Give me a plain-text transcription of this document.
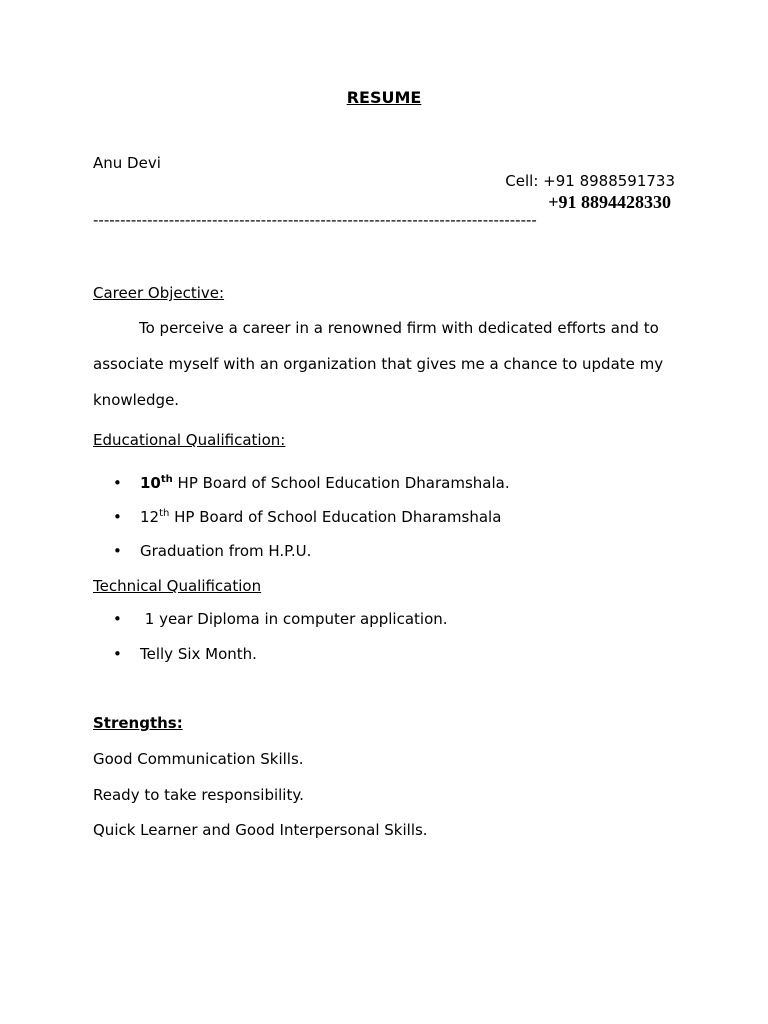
RESUME
Anu Devi
Cell: +91 8988591733
+91 8894428330
----------------------------------------------------------------------------------
Career Objective:
To perceive a career in a renowned firm with dedicated efforts and to associate myself with an organization that gives me a chance to update my knowledge.
Educational Qualification:
• 10th HP Board of School Education Dharamshala.
• 12th HP Board of School Education Dharamshala
• Graduation from H.P.U.
Technical Qualification
• 1 year Diploma in computer application.
• Telly Six Month.
Strengths:
Good Communication Skills.
Ready to take responsibility.
Quick Learner and Good Interpersonal Skills.
